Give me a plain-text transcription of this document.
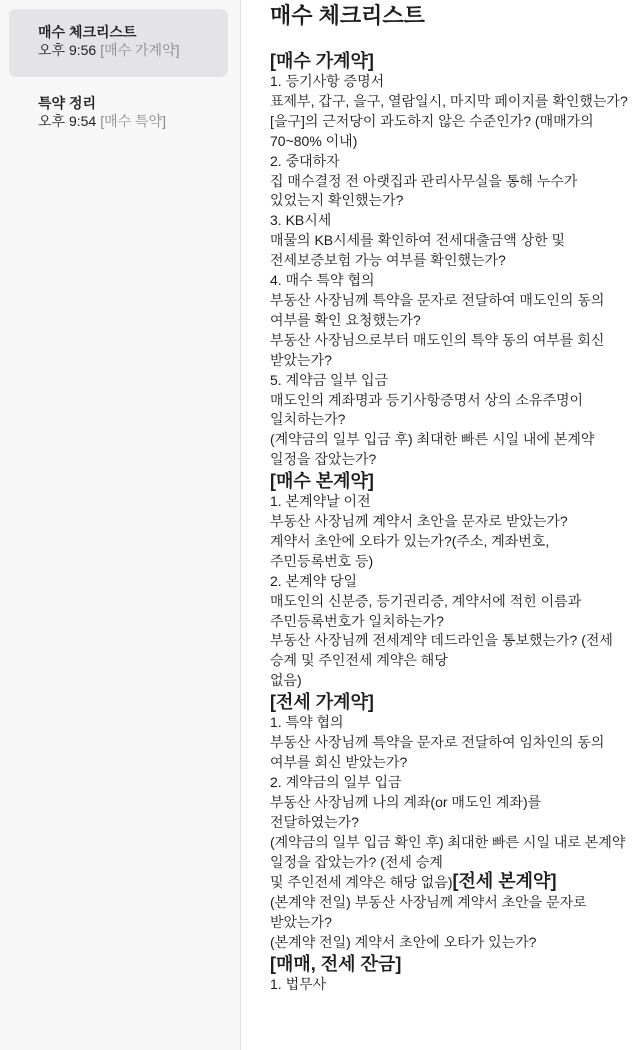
매수 체크리스트
오후 9:56 [매수 가계약]
특약 정리
오후 9:54 [매수 특약]
매수 체크리스트
[매수 가계약]
1. 등기사항 증명서
표제부, 갑구, 을구, 열람일시, 마지막 페이지를 확인했는가?
[을구]의 근저당이 과도하지 않은 수준인가? (매매가의 70~80% 이내)
2. 중대하자
집 매수결정 전 아랫집과 관리사무실을 통해 누수가 있었는지 확인했는가?
3. KB시세
매물의 KB시세를 확인하여 전세대출금액 상한 및 전세보증보험 가능 여부를 확인했는가?
4. 매수 특약 협의
부동산 사장님께 특약을 문자로 전달하여 매도인의 동의 여부를 확인 요청했는가?
부동산 사장님으로부터 매도인의 특약 동의 여부를 회신 받았는가?
5. 계약금 일부 입금
매도인의 계좌명과 등기사항증명서 상의 소유주명이 일치하는가?
(계약금의 일부 입금 후) 최대한 빠른 시일 내에 본계약 일정을 잡았는가?
[매수 본계약]
1. 본계약날 이전
부동산 사장님께 계약서 초안을 문자로 받았는가?
계약서 초안에 오타가 있는가?(주소, 계좌번호, 주민등록번호 등)
2. 본계약 당일
매도인의 신분증, 등기권리증, 계약서에 적힌 이름과 주민등록번호가 일치하는가?
부동산 사장님께 전세계약 데드라인을 통보했는가? (전세 승계 및 주인전세 계약은 해당
없음)
[전세 가계약]
1. 특약 협의
부동산 사장님께 특약을 문자로 전달하여 임차인의 동의 여부를 회신 받았는가?
2. 계약금의 일부 입금
부동산 사장님께 나의 계좌(or 매도인 계좌)를 전달하였는가?
(계약금의 일부 입금 확인 후) 최대한 빠른 시일 내로 본계약 일정을 잡았는가? (전세 승계
및 주인전세 계약은 해당 없음)[전세 본계약]
(본계약 전일) 부동산 사장님께 계약서 초안을 문자로 받았는가?
(본계약 전일) 계약서 초안에 오타가 있는가?
[매매, 전세 잔금]
1. 법무사
